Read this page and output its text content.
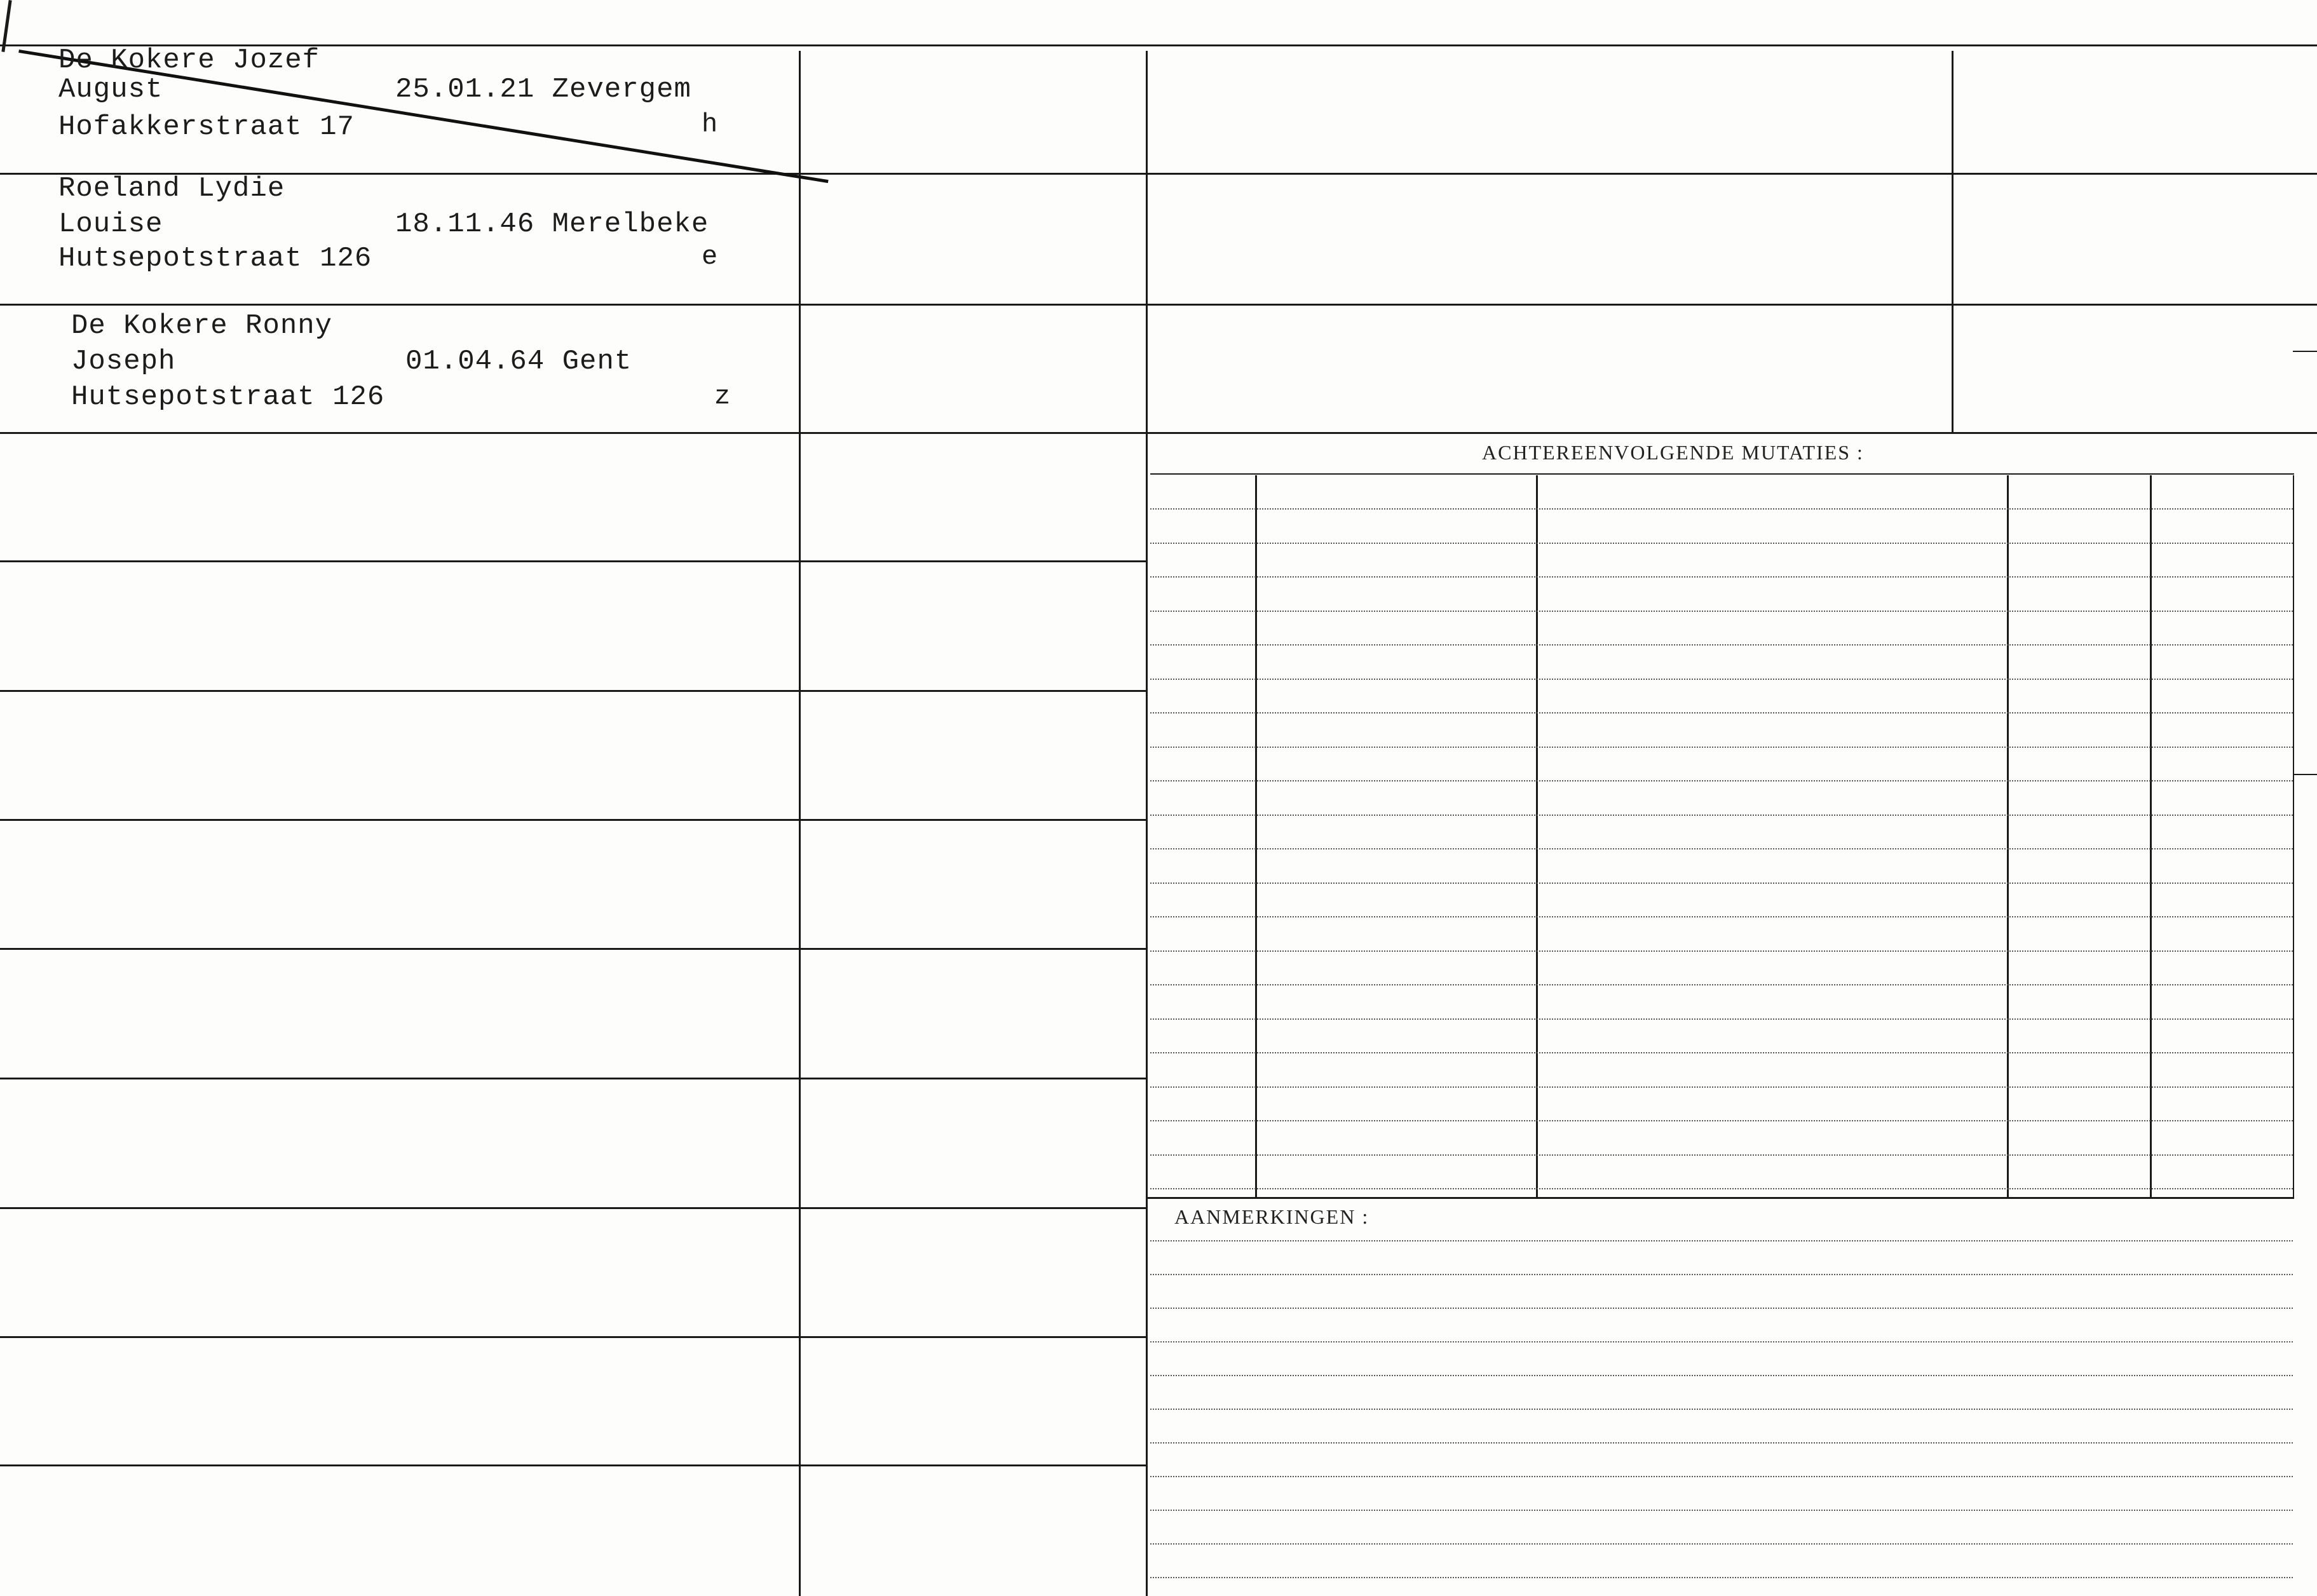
De Kokere Jozef
August
Hofakkerstraat 17
25.01.21 Zevergem
h
Roeland Lydie
Louise
Hutsepotstraat 126
18.11.46 Merelbeke
e
De Kokere Ronny
Joseph
Hutsepotstraat 126
01.04.64 Gent
z
ACHTEREENVOLGENDE MUTATIES :
AANMERKINGEN :
